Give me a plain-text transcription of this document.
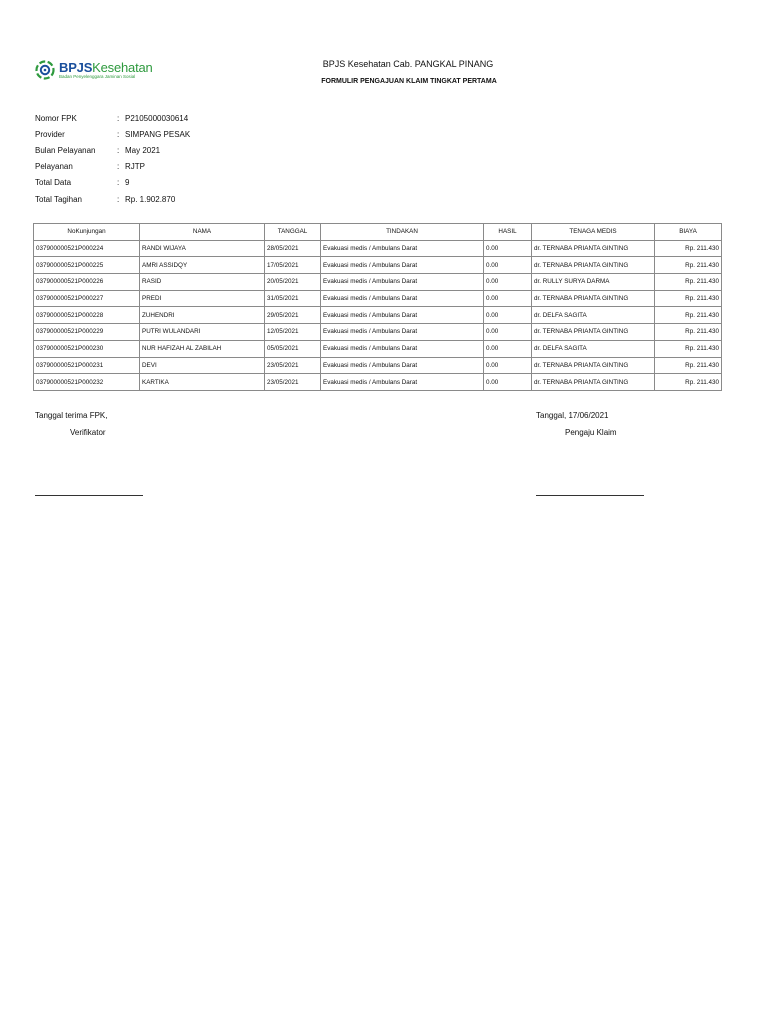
BPJSKesehatan
Badan Penyelenggara Jaminan Sosial
BPJS Kesehatan Cab. PANGKAL PINANG
FORMULIR PENGAJUAN KLAIM TINGKAT PERTAMA
Nomor FPK	: P2105000030614
Provider	: SIMPANG PESAK
Bulan Pelayanan	: May 2021
Pelayanan	: RJTP
Total Data	: 9
Total Tagihan	: Rp. 1.902.870
NoKunjungan	NAMA	TANGGAL	TINDAKAN	HASIL	TENAGA MEDIS	BIAYA
037900000521P000224	RANDI WIJAYA	28/05/2021	Evakuasi medis / Ambulans Darat	0.00	dr. TERNABA PRIANTA GINTING	Rp. 211.430
037900000521P000225	AMRI ASSIDQY	17/05/2021	Evakuasi medis / Ambulans Darat	0.00	dr. TERNABA PRIANTA GINTING	Rp. 211.430
037900000521P000226	RASID	20/05/2021	Evakuasi medis / Ambulans Darat	0.00	dr. RULLY SURYA DARMA	Rp. 211.430
037900000521P000227	PREDI	31/05/2021	Evakuasi medis / Ambulans Darat	0.00	dr. TERNABA PRIANTA GINTING	Rp. 211.430
037900000521P000228	ZUHENDRI	29/05/2021	Evakuasi medis / Ambulans Darat	0.00	dr. DELFA SAGITA	Rp. 211.430
037900000521P000229	PUTRI WULANDARI	12/05/2021	Evakuasi medis / Ambulans Darat	0.00	dr. TERNABA PRIANTA GINTING	Rp. 211.430
037900000521P000230	NUR HAFIZAH AL ZABILAH	05/05/2021	Evakuasi medis / Ambulans Darat	0.00	dr. DELFA SAGITA	Rp. 211.430
037900000521P000231	DEVI	23/05/2021	Evakuasi medis / Ambulans Darat	0.00	dr. TERNABA PRIANTA GINTING	Rp. 211.430
037900000521P000232	KARTIKA	23/05/2021	Evakuasi medis / Ambulans Darat	0.00	dr. TERNABA PRIANTA GINTING	Rp. 211.430
Tanggal terima FPK,
Verifikator
Tanggal, 17/06/2021
Pengaju Klaim
